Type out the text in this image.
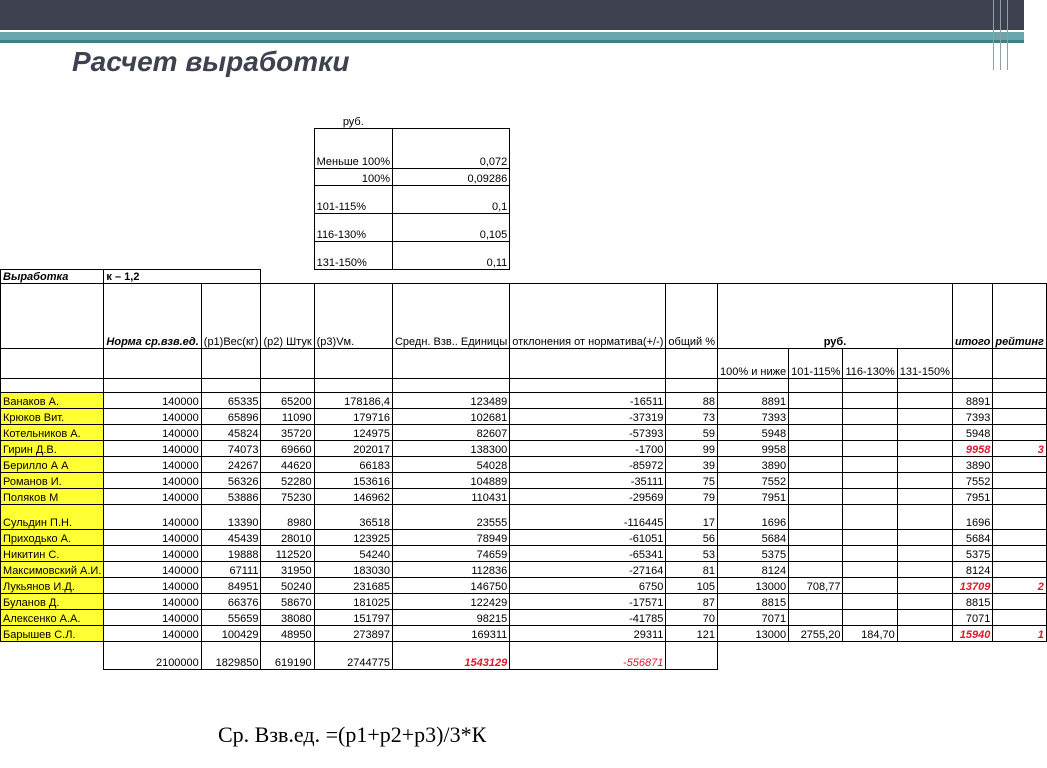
Расчет выработки
				руб.									
				Меньше 100%	0,072								
				100%	0,09286								
				101-115%	0,1								
				116-130%	0,105								
				131-150%	0,11								
Выработка	к – 1,2												
	Норма ср.взв.ед.	(р1)Вес(кг)	(р2) Штук	(р3)Vм.	Средн. Взв.. Единицы	отклонения от норматива(+/-)	общий %	руб.				итого	рейтинг
								100% и ниже	101-115%	116-130%	131-150%		

Ванаков А.	140000	65335	65200	178186,4	123489	-16511	88	8891				8891	
Крюков Вит.	140000	65896	11090	179716	102681	-37319	73	7393				7393	
Котельников А.	140000	45824	35720	124975	82607	-57393	59	5948				5948	
Гирин Д.В.	140000	74073	69660	202017	138300	-1700	99	9958				9958	3
Берилло А А	140000	24267	44620	66183	54028	-85972	39	3890				3890	
Романов И.	140000	56326	52280	153616	104889	-35111	75	7552				7552	
Поляков М	140000	53886	75230	146962	110431	-29569	79	7951				7951	
Сульдин П.Н.	140000	13390	8980	36518	23555	-116445	17	1696				1696	
Приходько А.	140000	45439	28010	123925	78949	-61051	56	5684				5684	
Никитин С.	140000	19888	112520	54240	74659	-65341	53	5375				5375	
Максимовский А.И.	140000	67111	31950	183030	112836	-27164	81	8124				8124	
Лукьянов И.Д.	140000	84951	50240	231685	146750	6750	105	13000	708,77			13709	2
Буланов Д.	140000	66376	58670	181025	122429	-17571	87	8815				8815	
Алексенко А.А.	140000	55659	38080	151797	98215	-41785	70	7071				7071	
Барышев С.Л.	140000	100429	48950	273897	169311	29311	121	13000	2755,20	184,70		15940	1
	2100000	1829850	619190	2744775	1543129	-556871							
Ср. Взв.ед. =(р1+р2+р3)/3*К
